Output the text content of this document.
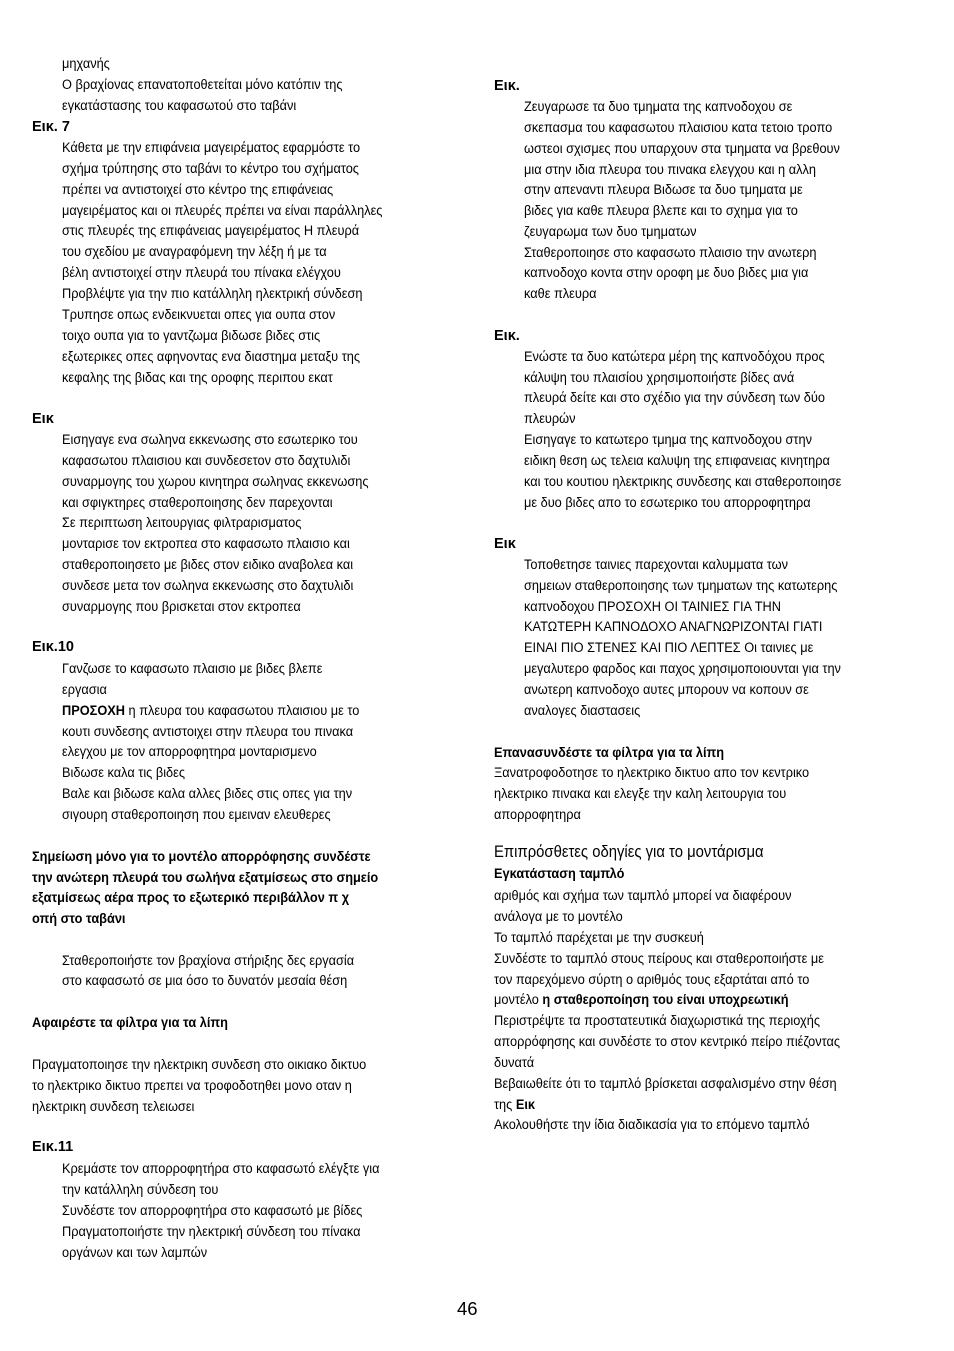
μηχανής
Ο βραχίονας επανατοποθετείται μόνο κατόπιν της
εγκατάστασης του καφασωτού στο ταβάνι
Εικ. 7
Κάθετα με την επιφάνεια μαγειρέματος εφαρμόστε το
σχήμα τρύπησης στο ταβάνι το κέντρο του σχήματος
πρέπει να αντιστοιχεί στο κέντρο της επιφάνειας
μαγειρέματος και οι πλευρές πρέπει να είναι παράλληλες
στις πλευρές της επιφάνειας μαγειρέματος Η πλευρά
του σχεδίου με αναγραφόμενη την λέξη ή με τα
βέλη αντιστοιχεί στην πλευρά του πίνακα ελέγχου
Προβλέψτε για την πιο κατάλληλη ηλεκτρική σύνδεση
Τρυπησε οπως ενδεικνυεται οπες για ουπα στον
τοιχο ουπα για το γαντζωμα βιδωσε βιδες στις
εξωτερικες οπες αφηνοντας ενα διαστημα μεταξυ της
κεφαλης της βιδας και της οροφης περιπου εκατ
Εικ
Εισηγαγε ενα σωληνα εκκενωσης στο εσωτερικο του
καφασωτου πλαισιου και συνδεσετον στο δαχτυλιδι
συναρμογης του χωρου κινητηρα σωληνας εκκενωσης
και σφιγκτηρες σταθεροποιησης δεν παρεχονται
Σε περιπτωση λειτουργιας φιλτραρισματος
μονταρισε τον εκτροπεα στο καφασωτο πλαισιο και
σταθεροποιησετο με βιδες στον ειδικο αναβολεα και
συνδεσε μετα τον σωληνα εκκενωσης στο δαχτυλιδι
συναρμογης που βρισκεται στον εκτροπεα
Εικ.10
Γανζωσε το καφασωτο πλαισιο με βιδες βλεπε
εργασια
ΠΡΟΣΟΧΗ η πλευρα του καφασωτου πλαισιου με το
κουτι συνδεσης αντιστοιχει στην πλευρα του πινακα
ελεγχου με τον απορροφητηρα μονταρισμενο
Βιδωσε καλα τις βιδες
Βαλε και βιδωσε καλα αλλες βιδες στις οπες για την
σιγουρη σταθεροποιηση που εμειναν ελευθερες
Σημείωση μόνο για το μοντέλο απορρόφησης συνδέστε
την ανώτερη πλευρά του σωλήνα εξατμίσεως στο σημείο
εξατμίσεως αέρα προς το εξωτερικό περιβάλλον π χ
οπή στο ταβάνι
Σταθεροποιήστε τον βραχίονα στήριξης δες εργασία
στο καφασωτό σε μια όσο το δυνατόν μεσαία θέση
Αφαιρέστε τα φίλτρα για τα λίπη
Πραγματοποιησε την ηλεκτρικη συνδεση στο οικιακο δικτυο
το ηλεκτρικο δικτυο πρεπει να τροφοδοτηθει μονο οταν η
ηλεκτρικη συνδεση τελειωσει
Εικ.11
Κρεμάστε τον απορροφητήρα στο καφασωτό ελέγξτε για
την κατάλληλη σύνδεση του
Συνδέστε τον απορροφητήρα στο καφασωτό με βίδες
Πραγματοποιήστε την ηλεκτρική σύνδεση του πίνακα
οργάνων και των λαμπών
Εικ.
Ζευγαρωσε τα δυο τμηματα της καπνοδοχου σε
σκεπασμα του καφασωτου πλαισιου κατα τετοιο τροπο
ωστεοι σχισμες που υπαρχουν στα τμηματα να βρεθουν
μια στην ιδια πλευρα του πινακα ελεγχου και η αλλη
στην απεναντι πλευρα Βιδωσε τα δυο τμηματα με
βιδες για καθε πλευρα βλεπε και το σχημα για το
ζευγαρωμα των δυο τμηματων
Σταθεροποιησε στο καφασωτο πλαισιο την ανωτερη
καπνοδοχο κοντα στην οροφη με δυο βιδες μια για
καθε πλευρα
Εικ.
Ενώστε τα δυο κατώτερα μέρη της καπνοδόχου προς
κάλυψη του πλαισίου χρησιμοποιήστε βίδες ανά
πλευρά δείτε και στο σχέδιο για την σύνδεση των δύο
πλευρών
Εισηγαγε το κατωτερο τμημα της καπνοδοχου στην
ειδικη θεση ως τελεια καλυψη της επιφανειας κινητηρα
και του κουτιου ηλεκτρικης συνδεσης και σταθεροποιησε
με δυο βιδες απο το εσωτερικο του απορροφητηρα
Εικ
Τοποθετησε ταινιες παρεχονται καλυμματα των
σημειων σταθεροποιησης των τμηματων της κατωτερης
καπνοδοχου ΠΡΟΣΟΧΗ ΟΙ ΤΑΙΝΙΕΣ ΓΙΑ ΤΗΝ
ΚΑΤΩΤΕΡΗ ΚΑΠΝΟΔΟΧΟ ΑΝΑΓΝΩΡΙΖΟΝΤΑΙ ΓΙΑΤΙ
ΕΙΝΑΙ ΠΙΟ ΣΤΕΝΕΣ ΚΑΙ ΠΙΟ ΛΕΠΤΕΣ Οι ταινιες με
μεγαλυτερο φαρδος και παχος χρησιμοποιουνται για την
ανωτερη καπνοδοχο αυτες μπορουν να κοπουν σε
αναλογες διαστασεις
Επανασυνδέστε τα φίλτρα για τα λίπη
Ξανατροφοδοτησε το ηλεκτρικο δικτυο απο τον κεντρικο
ηλεκτρικο πινακα και ελεγξε την καλη λειτουργια του
απορροφητηρα
Επιπρόσθετες οδηγίες για το μοντάρισμα
Εγκατάσταση ταμπλό
αριθμός και σχήμα των ταμπλό μπορεί να διαφέρουν
ανάλογα με το μοντέλο
Το ταμπλό παρέχεται με την συσκευή
Συνδέστε το ταμπλό στους πείρους και σταθεροποιήστε με
τον παρεχόμενο σύρτη ο αριθμός τους εξαρτάται από το
μοντέλο η σταθεροποίηση του είναι υποχρεωτική
Περιστρέψτε τα προστατευτικά διαχωριστικά της περιοχής
απορρόφησης και συνδέστε το στον κεντρικό πείρο πιέζοντας
δυνατά
Βεβαιωθείτε ότι το ταμπλό βρίσκεται ασφαλισμένο στην θέση
της Εικ
Ακολουθήστε την ίδια διαδικασία για το επόμενο ταμπλό
46
